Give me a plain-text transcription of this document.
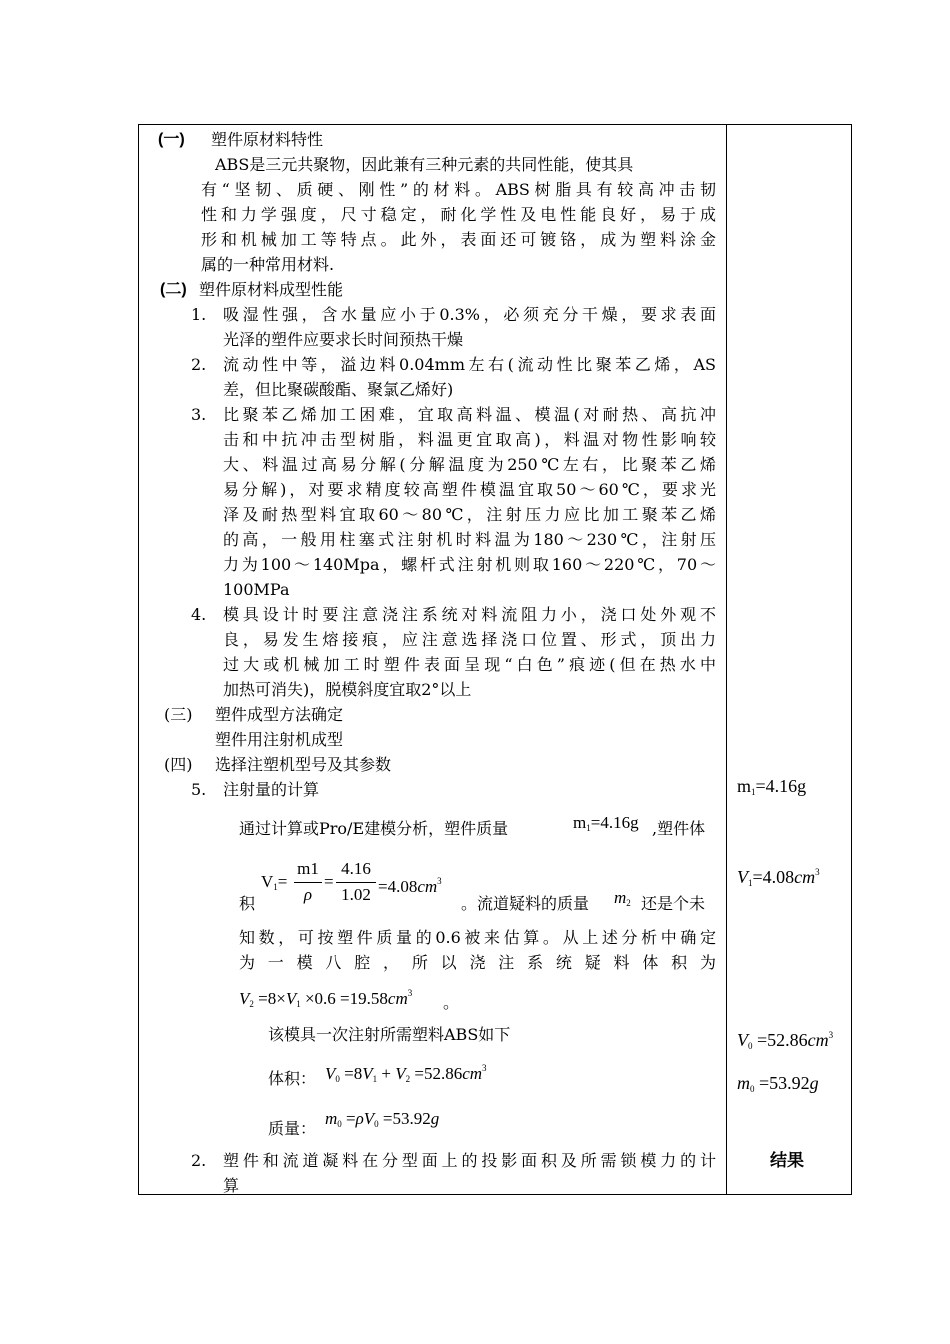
(一) 塑件原材料特性
ABS是三元共聚物，因此兼有三种元素的共同性能，使其具
有“坚韧、质硬、刚性”的材料。ABS树脂具有较高冲击韧
性和力学强度，尺寸稳定，耐化学性及电性能良好，易于成
形和机械加工等特点。此外，表面还可镀铬，成为塑料涂金
属的一种常用材料.
(二) 塑件原材料成型性能
1. 吸湿性强，含水量应小于0.3%，必须充分干燥，要求表面
光泽的塑件应要求长时间预热干燥
2. 流动性中等，溢边料0.04mm左右(流动性比聚苯乙烯，AS
差，但比聚碳酸酯、聚氯乙烯好)
3. 比聚苯乙烯加工困难，宜取高料温、模温(对耐热、高抗冲
击和中抗冲击型树脂，料温更宜取高)，料温对物性影响较
大、料温过高易分解(分解温度为250℃左右，比聚苯乙烯
易分解)，对要求精度较高塑件模温宜取50～60℃，要求光
泽及耐热型料宜取60～80℃，注射压力应比加工聚苯乙烯
的高，一般用柱塞式注射机时料温为180～230℃，注射压
力为100～140Mpa，螺杆式注射机则取160～220℃，70～
100MPa
4. 模具设计时要注意浇注系统对料流阻力小，浇口处外观不
良，易发生熔接痕，应注意选择浇口位置、形式，顶出力
过大或机械加工时塑件表面呈现“白色”痕迹(但在热水中
加热可消失)，脱模斜度宜取2°以上
(三) 塑件成型方法确定
塑件用注射机成型
(四) 选择注塑机型号及其参数
5. 注射量的计算
通过计算或Pro/E建模分析，塑件质量	$m_1=4.16g$ ,塑件体
$V_1=$
m1
ρ
=
4.16
$1.02 =4.08cm^3$
积	。流道疑料的质量 $m_2$ 还是个未
知数，可按塑件质量的0.6被来估算。从上述分析中确定
为一模八腔，所以浇注系统疑料体积为
$V_2 =8\times V_1 \times 0.6 =19.58cm^3$ 。
该模具一次注射所需塑料ABS如下
体积： $V_0 =8V_1 + V_2 =52.86cm^3$
质量：
$m_0 =\rho V_0 =53.92g$
2. 塑件和流道凝料在分型面上的投影面积及所需锁模力的计
算
$m_1=4.16g$
$V_1=4.08cm^3$
$V_0 =52.86cm^3$
$m_0 =53.92g$
结果
